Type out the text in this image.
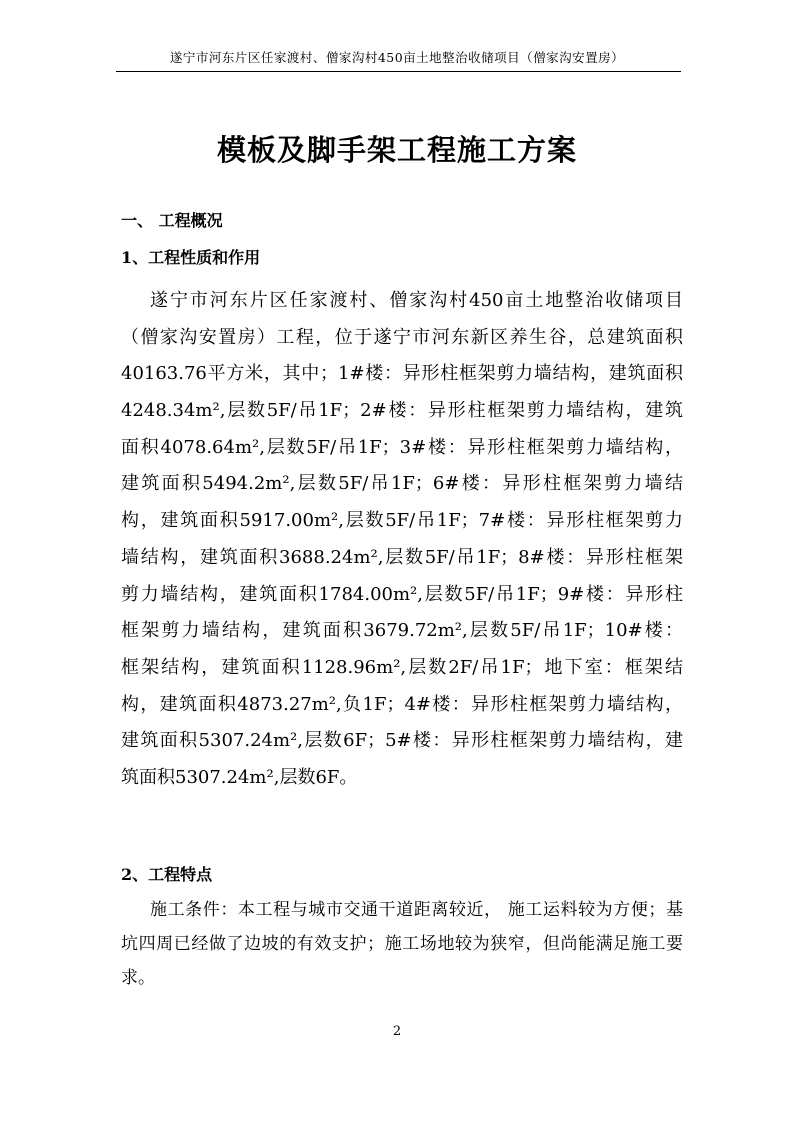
遂宁市河东片区任家渡村、僧家沟村450亩土地整治收储项目（僧家沟安置房）
模板及脚手架工程施工方案
一、 工程概况
1、工程性质和作用
遂宁市河东片区任家渡村、僧家沟村450亩土地整治收储项目
（僧家沟安置房）工程，位于遂宁市河东新区养生谷，总建筑面积
40163.76平方米，其中；1#楼：异形柱框架剪力墙结构，建筑面积
4248.34m²,层数5F/吊1F；2#楼：异形柱框架剪力墙结构，建筑
面积4078.64m²,层数5F/吊1F；3#楼：异形柱框架剪力墙结构，
建筑面积5494.2m²,层数5F/吊1F；6#楼：异形柱框架剪力墙结
构，建筑面积5917.00m²,层数5F/吊1F；7#楼：异形柱框架剪力
墙结构，建筑面积3688.24m²,层数5F/吊1F；8#楼：异形柱框架
剪力墙结构，建筑面积1784.00m²,层数5F/吊1F；9#楼：异形柱
框架剪力墙结构，建筑面积3679.72m²,层数5F/吊1F；10#楼：
框架结构，建筑面积1128.96m²,层数2F/吊1F；地下室：框架结
构，建筑面积4873.27m²,负1F；4#楼：异形柱框架剪力墙结构，
建筑面积5307.24m²,层数6F；5#楼：异形柱框架剪力墙结构，建
筑面积5307.24m²,层数6F。
2、工程特点
施工条件：本工程与城市交通干道距离较近， 施工运料较为方便；基
坑四周已经做了边坡的有效支护；施工场地较为狭窄，但尚能满足施工要
求。
2
